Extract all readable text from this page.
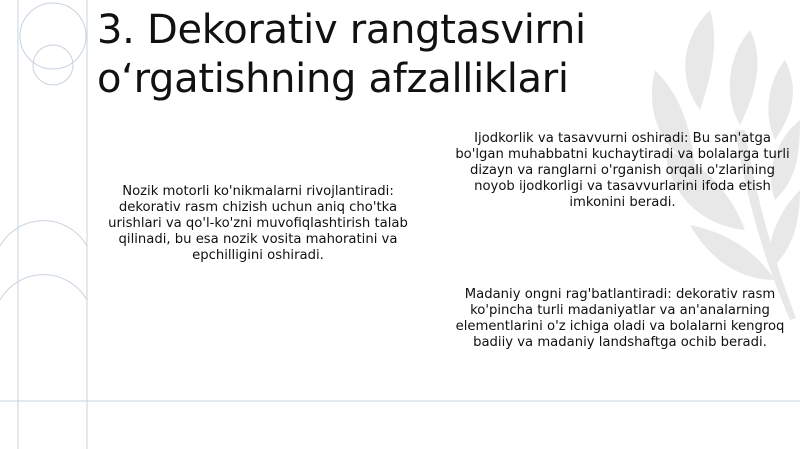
3. Dekorativ rangtasvirni
o‘rgatishning afzalliklari

Nozik motorli ko'nikmalarni rivojlantiradi: dekorativ rasm chizish uchun aniq cho'tka urishlari va qo'l-ko'zni muvofiqlashtirish talab qilinadi, bu esa nozik vosita mahoratini va epchilligini oshiradi.

Ijodkorlik va tasavvurni oshiradi: Bu san'atga bo'lgan muhabbatni kuchaytiradi va bolalarga turli dizayn va ranglarni o'rganish orqali o'zlarining noyob ijodkorligi va tasavvurlarini ifoda etish imkonini beradi.

Madaniy ongni rag'batlantiradi: dekorativ rasm ko'pincha turli madaniyatlar va an'analarning elementlarini o'z ichiga oladi va bolalarni kengroq badiiy va madaniy landshaftga ochib beradi.
